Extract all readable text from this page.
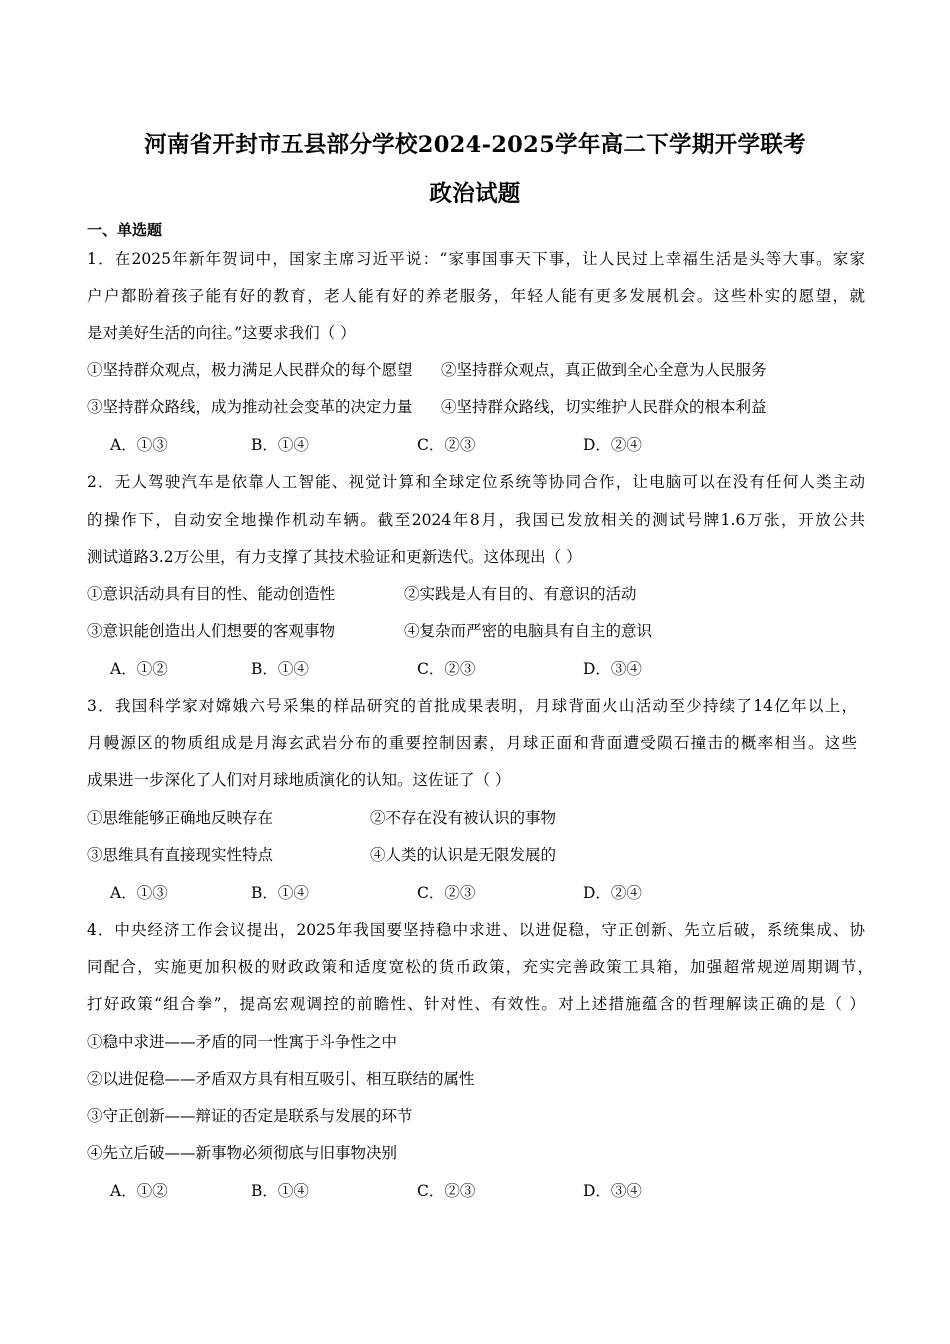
河南省开封市五县部分学校2024-2025学年高二下学期开学联考
政治试题
一、单选题
1．在2025年新年贺词中，国家主席习近平说：“家事国事天下事，让人民过上幸福生活是头等大事。家家
户户都盼着孩子能有好的教育，老人能有好的养老服务，年轻人能有更多发展机会。这些朴实的愿望，就
是对美好生活的向往。”这要求我们（ ）
①坚持群众观点，极力满足人民群众的每个愿望 ②坚持群众观点，真正做到全心全意为人民服务
③坚持群众路线，成为推动社会变革的决定力量 ④坚持群众路线，切实维护人民群众的根本利益
A．①③	B．①④	C．②③	D．②④
2．无人驾驶汽车是依靠人工智能、视觉计算和全球定位系统等协同合作，让电脑可以在没有任何人类主动
的操作下，自动安全地操作机动车辆。截至2024年8月，我国已发放相关的测试号牌1.6万张，开放公共
测试道路3.2万公里，有力支撑了其技术验证和更新迭代。这体现出（ ）
①意识活动具有目的性、能动创造性	②实践是人有目的、有意识的活动
③意识能创造出人们想要的客观事物	④复杂而严密的电脑具有自主的意识
A．①②	B．①④	C．②③	D．③④
3．我国科学家对嫦娥六号采集的样品研究的首批成果表明，月球背面火山活动至少持续了14亿年以上，
月幔源区的物质组成是月海玄武岩分布的重要控制因素，月球正面和背面遭受陨石撞击的概率相当。这些
成果进一步深化了人们对月球地质演化的认知。这佐证了（ ）
①思维能够正确地反映存在	②不存在没有被认识的事物
③思维具有直接现实性特点	④人类的认识是无限发展的
A．①③	B．①④	C．②③	D．②④
4．中央经济工作会议提出，2025年我国要坚持稳中求进、以进促稳，守正创新、先立后破，系统集成、协
同配合，实施更加积极的财政政策和适度宽松的货币政策，充实完善政策工具箱，加强超常规逆周期调节，
打好政策“组合拳”，提高宏观调控的前瞻性、针对性、有效性。对上述措施蕴含的哲理解读正确的是（ ）
①稳中求进——矛盾的同一性寓于斗争性之中
②以进促稳——矛盾双方具有相互吸引、相互联结的属性
③守正创新——辩证的否定是联系与发展的环节
④先立后破——新事物必须彻底与旧事物决别
A．①②	B．①④	C．②③	D．③④
